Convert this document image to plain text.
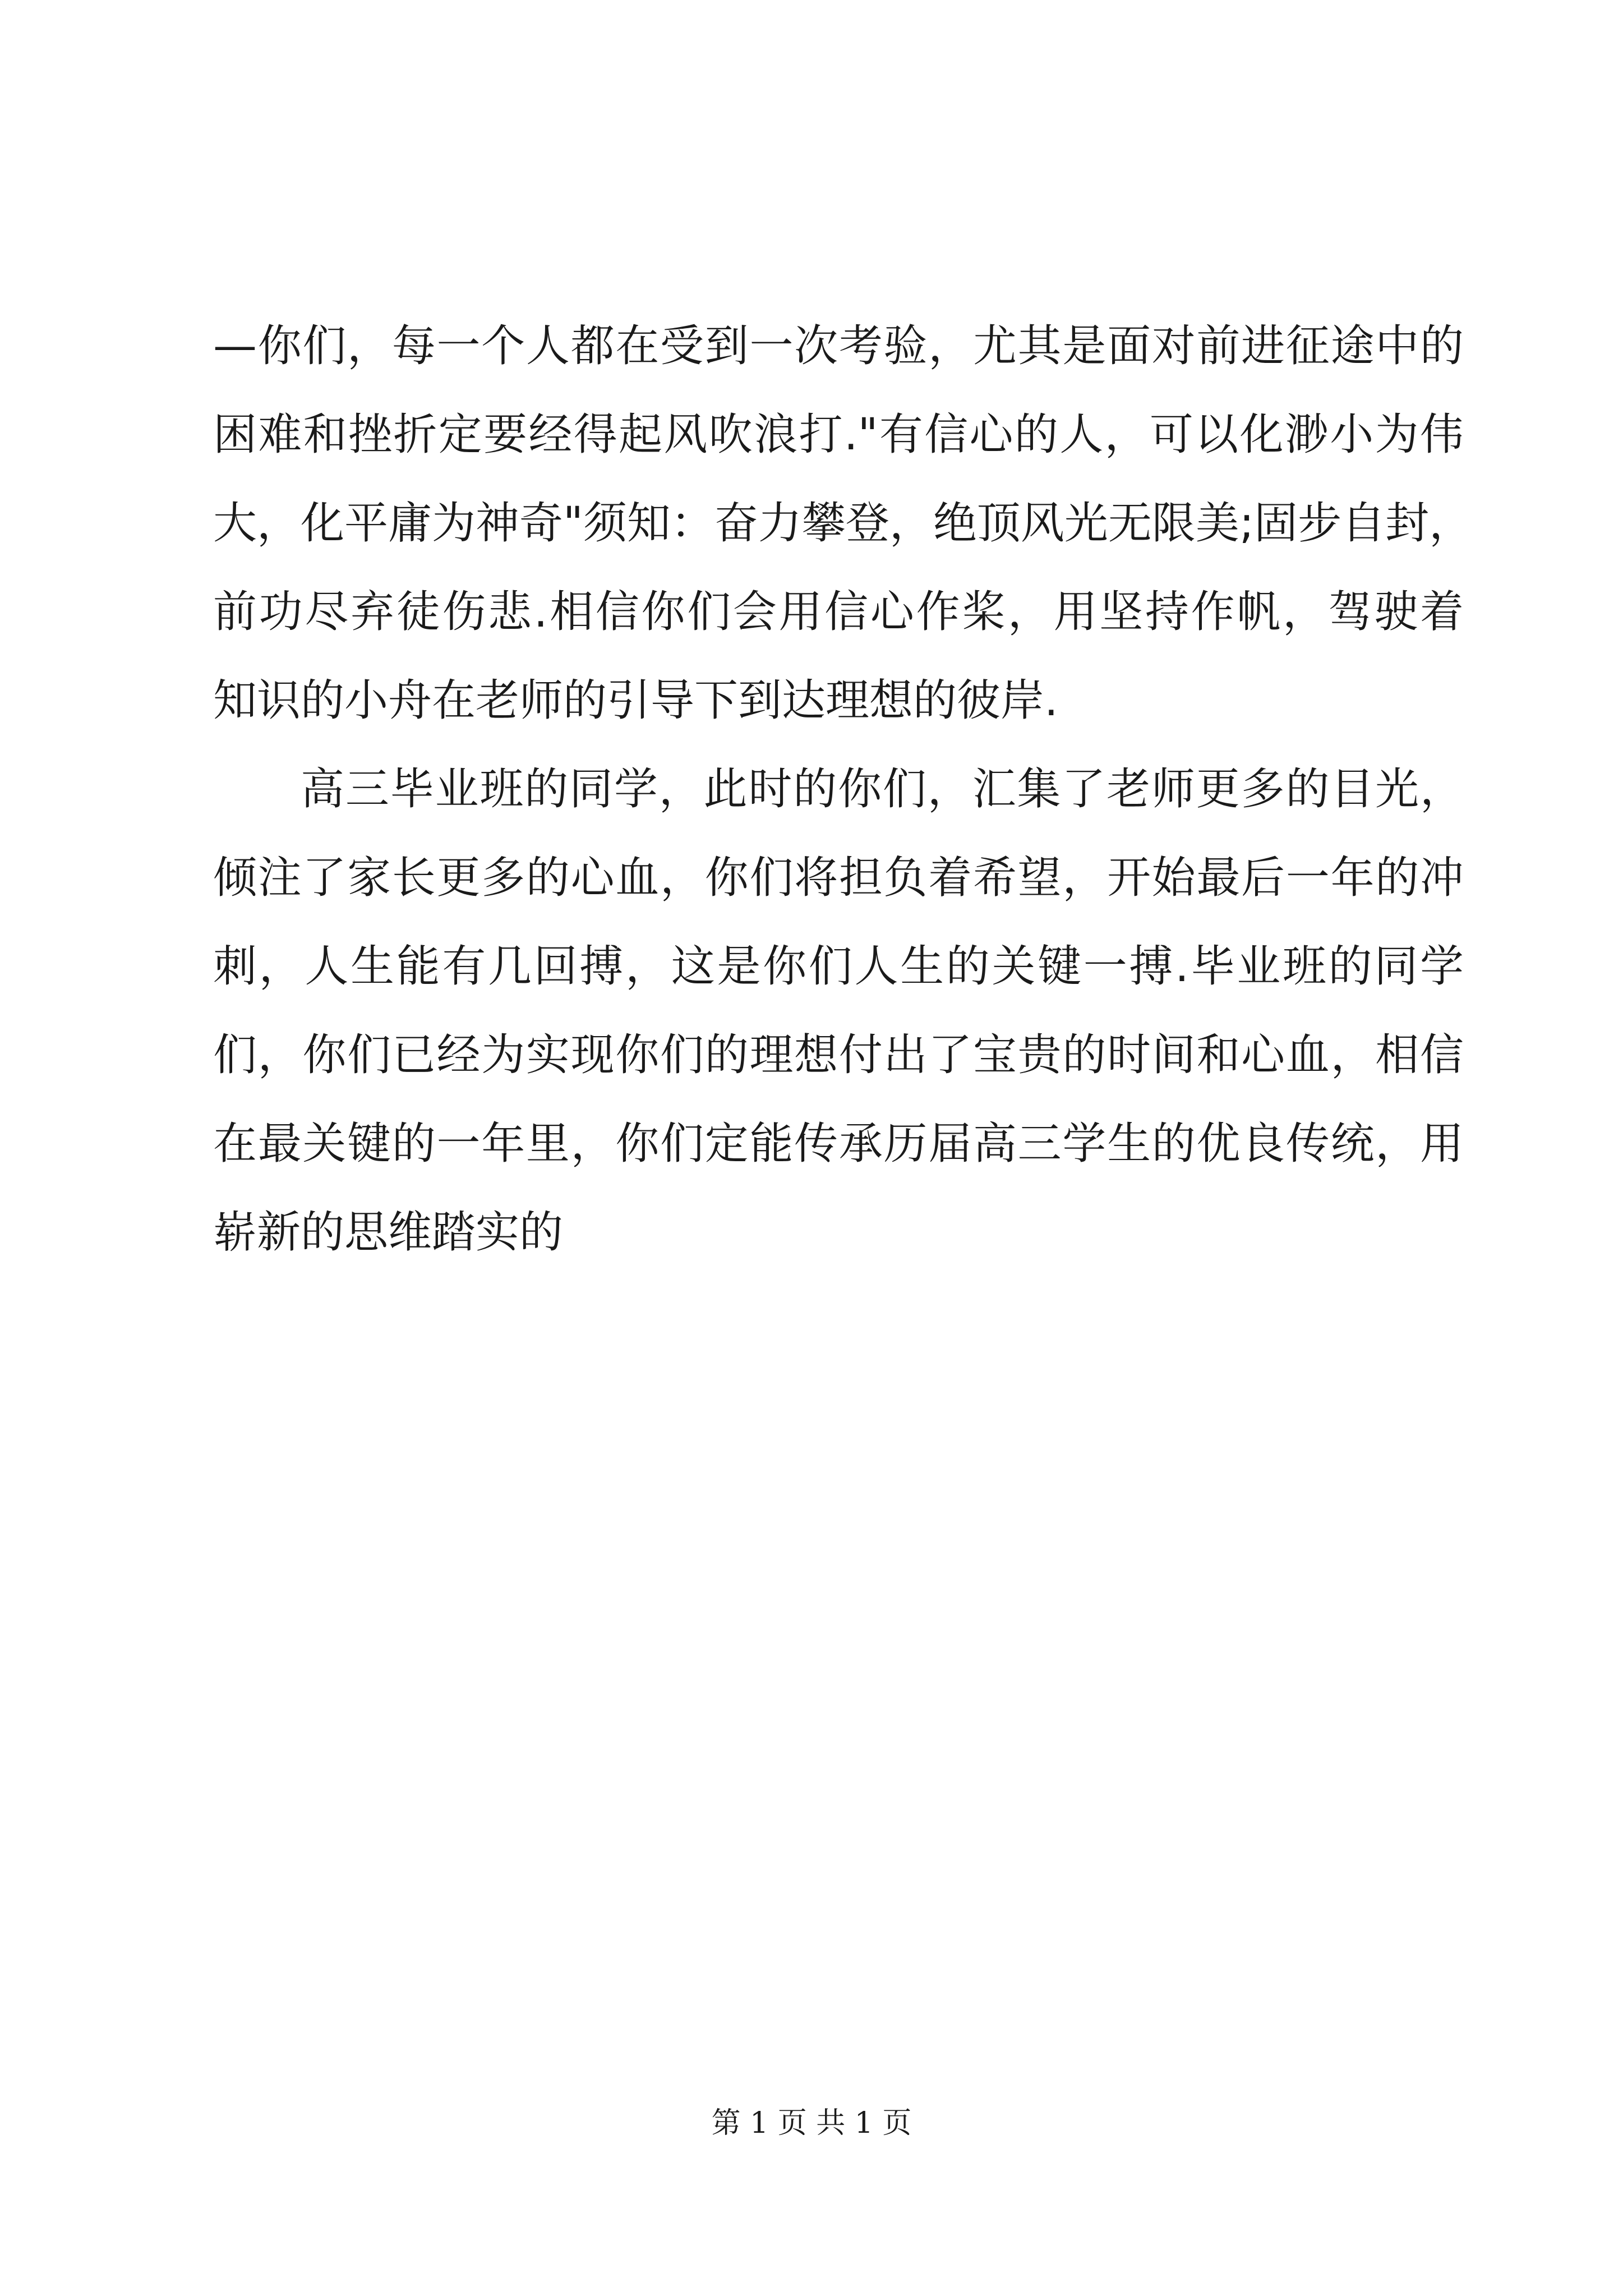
—你们，每一个人都在受到一次考验，尤其是面对前进征途中的
困难和挫折定要经得起风吹浪打."有信心的人，可以化渺小为伟
大，化平庸为神奇"须知：奋力攀登，绝顶风光无限美;固步自封，
前功尽弃徒伤悲.相信你们会用信心作桨，用坚持作帆，驾驶着
知识的小舟在老师的引导下到达理想的彼岸.
高三毕业班的同学，此时的你们，汇集了老师更多的目光，
倾注了家长更多的心血，你们将担负着希望，开始最后一年的冲
刺，人生能有几回搏，这是你们人生的关键一搏.毕业班的同学
们，你们已经为实现你们的理想付出了宝贵的时间和心血，相信
在最关键的一年里，你们定能传承历届高三学生的优良传统，用
崭新的思维踏实的
第 1 页 共 1 页
